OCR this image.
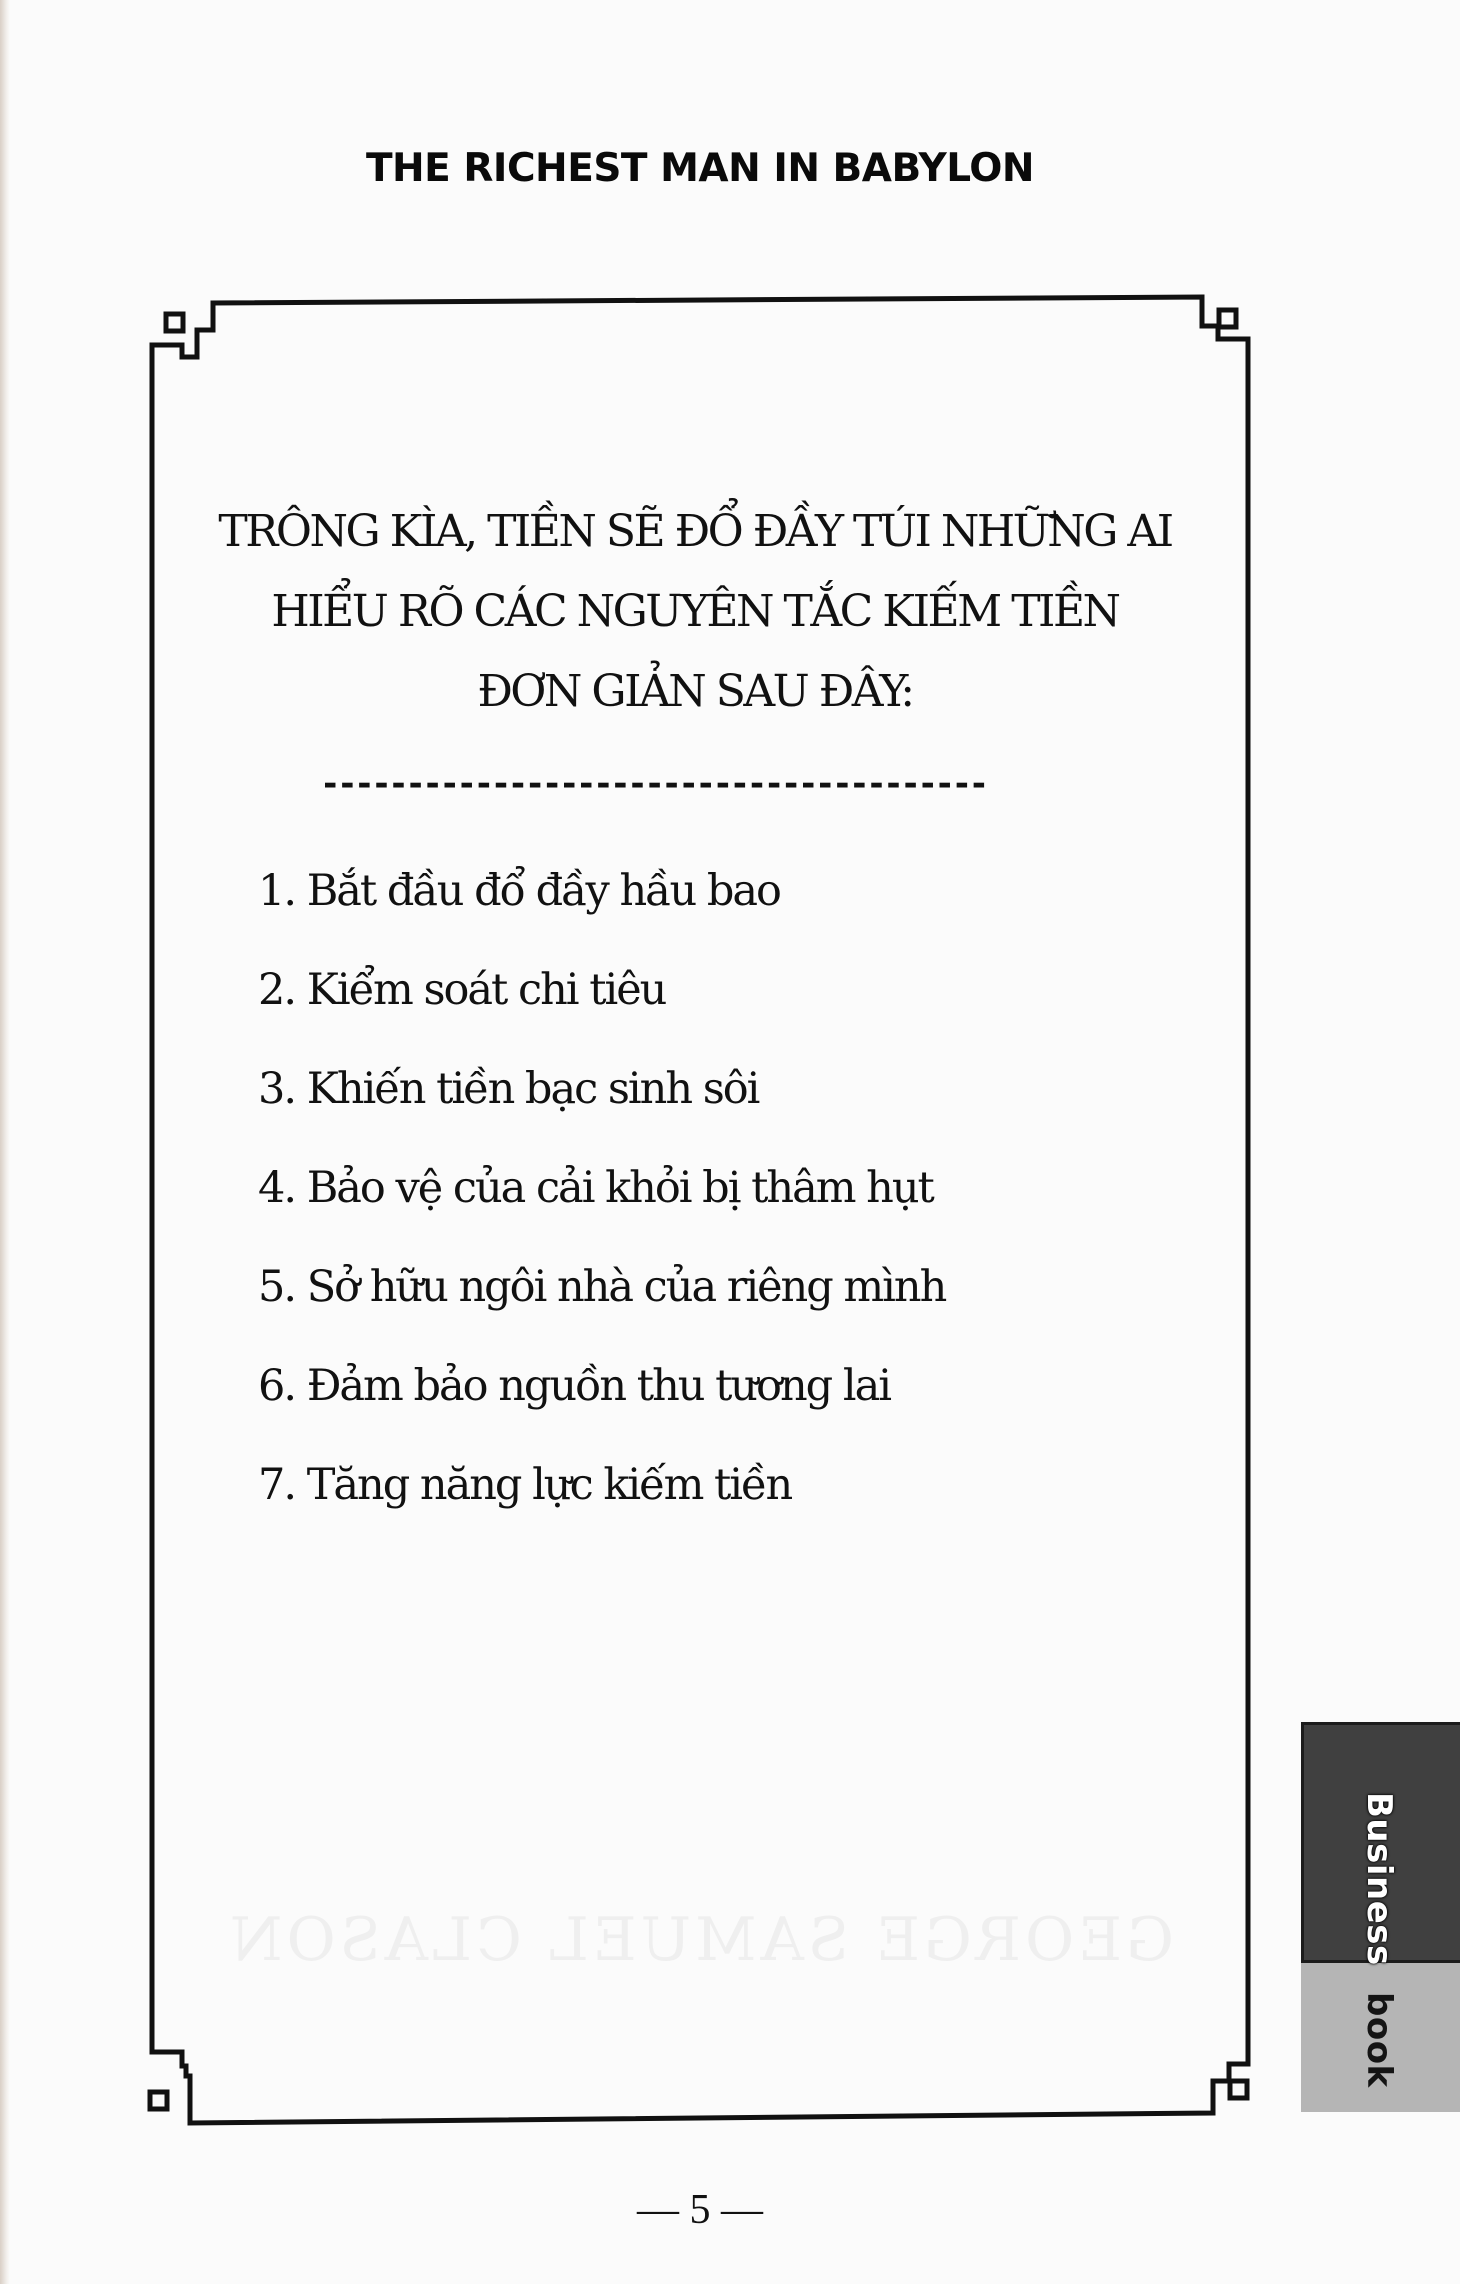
THE RICHEST MAN IN BABYLON
GEORGE SAMUEL CLASON
TRÔNG KÌA, TIỀN SẼ ĐỔ ĐẦY TÚI NHỮNG AI
HIỂU RÕ CÁC NGUYÊN TẮC KIẾM TIỀN
ĐƠN GIẢN SAU ĐÂY:
---------------------------------------
1. Bắt đầu đổ đầy hầu bao
2. Kiểm soát chi tiêu
3. Khiến tiền bạc sinh sôi
4. Bảo vệ của cải khỏi bị thâm hụt
5. Sở hữu ngôi nhà của riêng mình
6. Đảm bảo nguồn thu tương lai
7. Tăng năng lực kiếm tiền
Business book
— 5 —
